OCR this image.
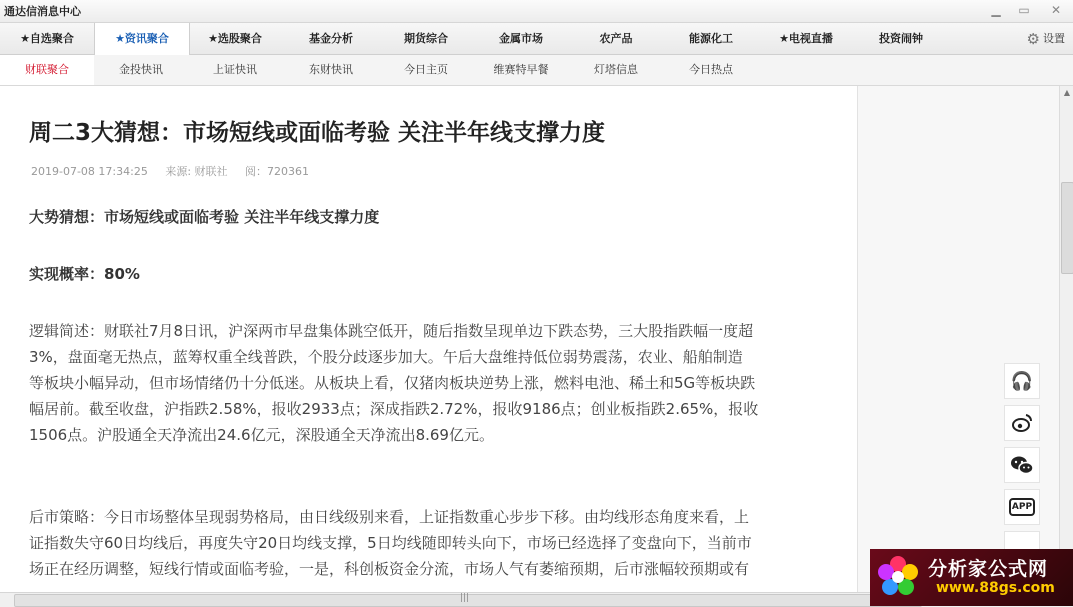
通达信消息中心	▁	▭	✕
★自选聚合	★资讯聚合	★选股聚合	基金分析	期货综合	金属市场	农产品	能源化工	★电视直播	投资闹钟	⚙ 设置
财联聚合	金投快讯	上证快讯	东财快讯	今日主页	维赛特早餐	灯塔信息	今日热点
周二3大猜想：市场短线或面临考验 关注半年线支撑力度
2019-07-08 17:34:25 来源: 财联社 阅：720361
大势猜想：市场短线或面临考验 关注半年线支撑力度
实现概率：80%
逻辑简述：财联社7月8日讯，沪深两市早盘集体跳空低开，随后指数呈现单边下跌态势，三大股指跌幅一度超
3%，盘面毫无热点，蓝筹权重全线普跌，个股分歧逐步加大。午后大盘维持低位弱势震荡，农业、船舶制造
等板块小幅异动，但市场情绪仍十分低迷。从板块上看，仅猪肉板块逆势上涨，燃料电池、稀土和5G等板块跌
幅居前。截至收盘，沪指跌2.58%，报收2933点；深成指跌2.72%，报收9186点；创业板指跌2.65%，报收
1506点。沪股通全天净流出24.6亿元，深股通全天净流出8.69亿元。
后市策略：今日市场整体呈现弱势格局，由日线级别来看，上证指数重心步步下移。由均线形态角度来看，上
证指数失守60日均线后，再度失守20日均线支撑，5日均线随即转头向下，市场已经选择了变盘向下，当前市
场正在经历调整，短线行情或面临考验，一是，科创板资金分流，市场人气有萎缩预期，后市涨幅较预期或有
🎧
APP
▲
|||
分析家公式网
www.88gs.com
